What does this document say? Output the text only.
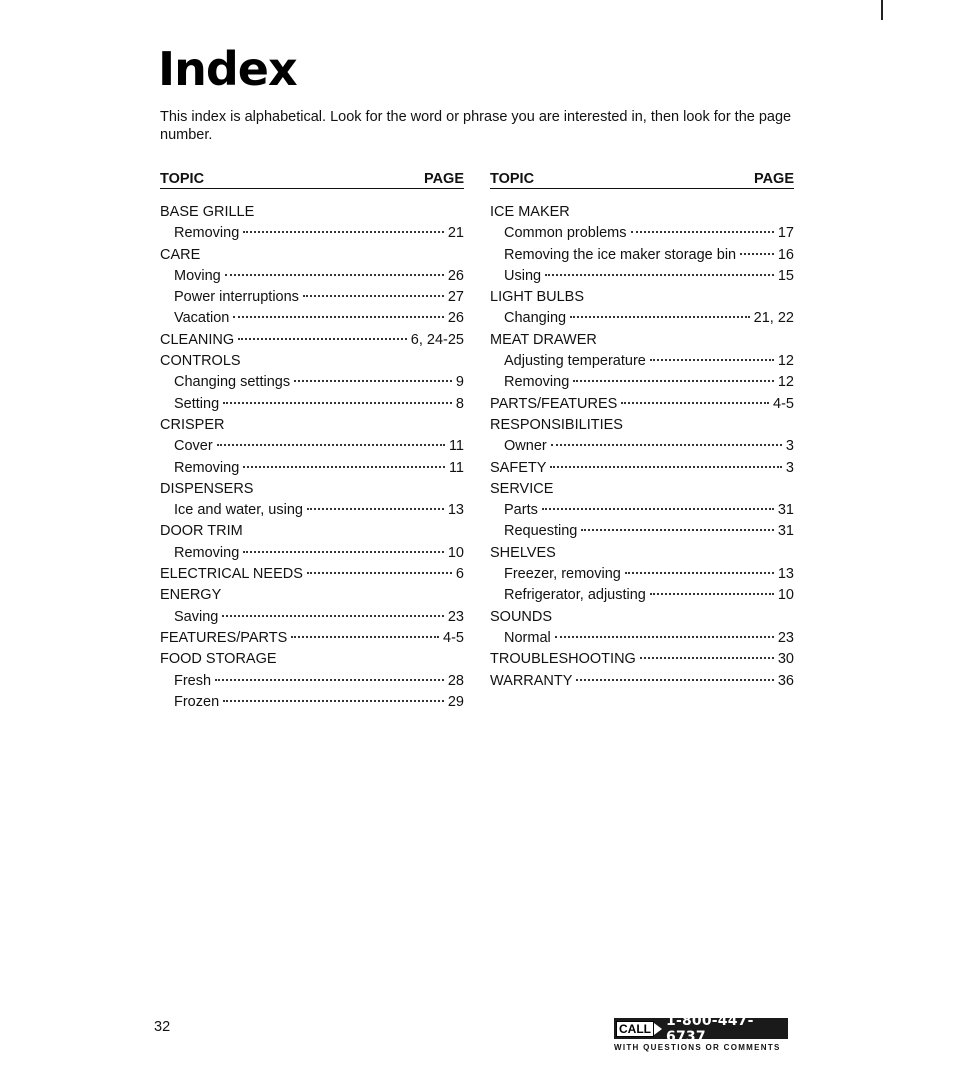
Index

This index is alphabetical. Look for the word or phrase you are interested in, then look for the page number.

TOPIC	PAGE
BASE GRILLE
Removing	21
CARE
Moving	26
Power interruptions	27
Vacation	26
CLEANING	6, 24-25
CONTROLS
Changing settings	9
Setting	8
CRISPER
Cover	11
Removing	11
DISPENSERS
Ice and water, using	13
DOOR TRIM
Removing	10
ELECTRICAL NEEDS	6
ENERGY
Saving	23
FEATURES/PARTS	4-5
FOOD STORAGE
Fresh	28
Frozen	29
TOPIC	PAGE
ICE MAKER
Common problems	17
Removing the ice maker storage bin	16
Using	15
LIGHT BULBS
Changing	21, 22
MEAT DRAWER
Adjusting temperature	12
Removing	12
PARTS/FEATURES	4-5
RESPONSIBILITIES
Owner	3
SAFETY	3
SERVICE
Parts	31
Requesting	31
SHELVES
Freezer, removing	13
Refrigerator, adjusting	10
SOUNDS
Normal	23
TROUBLESHOOTING	30
WARRANTY	36
32	CALL 1-800-447-6737
WITH QUESTIONS OR COMMENTS
